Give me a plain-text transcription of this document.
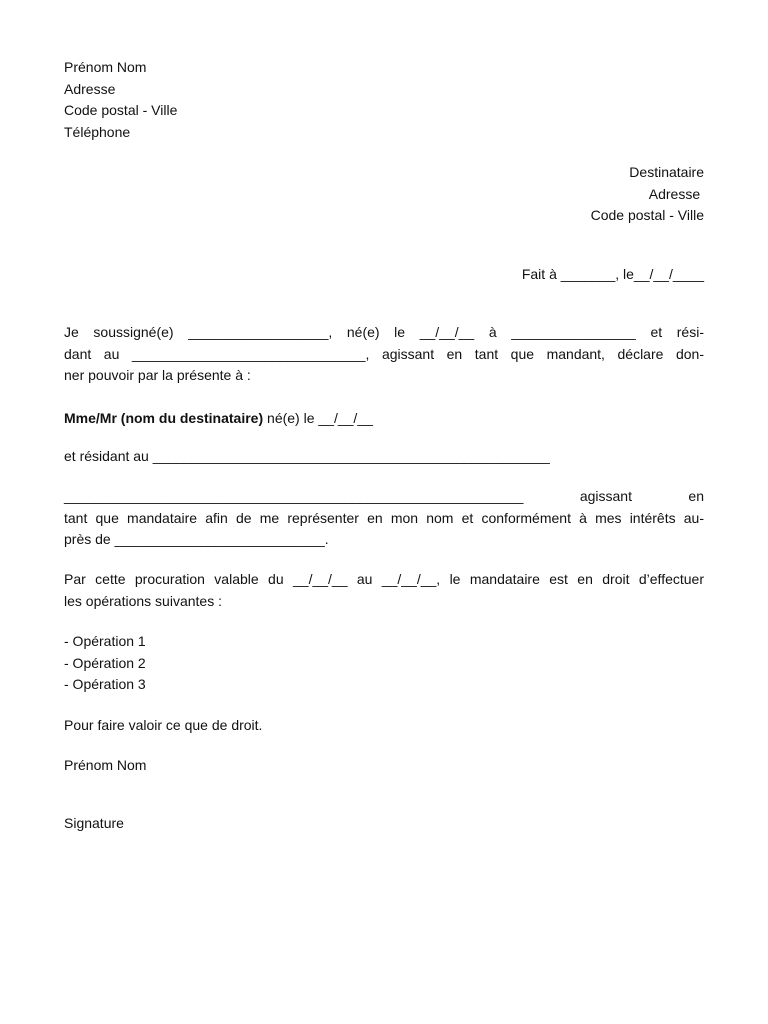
Prénom Nom
Adresse
Code postal - Ville
Téléphone
Destinataire
Adresse
Code postal - Ville
Fait à _______, le__/__/____
Je soussigné(e) __________________, né(e) le __/__/__ à ________________ et rési-
dant au ______________________________, agissant en tant que mandant, déclare don-
ner pouvoir par la présente à :
Mme/Mr (nom du destinataire) né(e) le __/__/__
et résidant au ___________________________________________________
___________________________________________________________ agissant en
tant que mandataire afin de me représenter en mon nom et conformément à mes intérêts au-
près de ___________________________.
Par cette procuration valable du __/__/__ au __/__/__, le mandataire est en droit d’effectuer
les opérations suivantes :
- Opération 1
- Opération 2
- Opération 3
Pour faire valoir ce que de droit.
Prénom Nom
Signature
